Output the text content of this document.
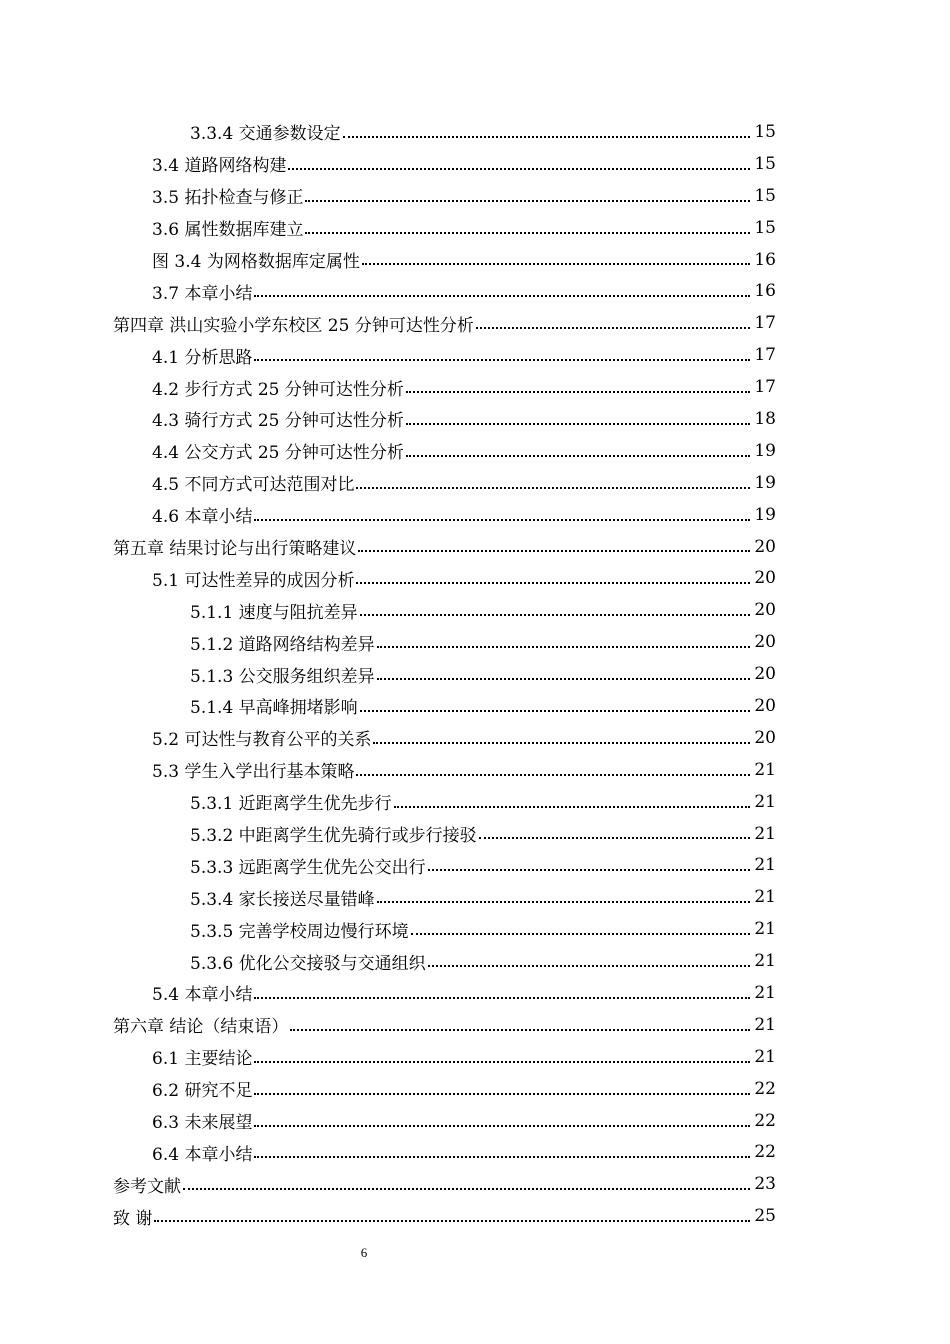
3.3.4 交通参数设定	15
3.4 道路网络构建	15
3.5 拓扑检查与修正	15
3.6 属性数据库建立	15
图 3.4 为网格数据库定属性	16
3.7 本章小结	16
第四章 洪山实验小学东校区 25 分钟可达性分析	17
4.1 分析思路	17
4.2 步行方式 25 分钟可达性分析	17
4.3 骑行方式 25 分钟可达性分析	18
4.4 公交方式 25 分钟可达性分析	19
4.5 不同方式可达范围对比	19
4.6 本章小结	19
第五章 结果讨论与出行策略建议	20
5.1 可达性差异的成因分析	20
5.1.1 速度与阻抗差异	20
5.1.2 道路网络结构差异	20
5.1.3 公交服务组织差异	20
5.1.4 早高峰拥堵影响	20
5.2 可达性与教育公平的关系	20
5.3 学生入学出行基本策略	21
5.3.1 近距离学生优先步行	21
5.3.2 中距离学生优先骑行或步行接驳	21
5.3.3 远距离学生优先公交出行	21
5.3.4 家长接送尽量错峰	21
5.3.5 完善学校周边慢行环境	21
5.3.6 优化公交接驳与交通组织	21
5.4 本章小结	21
第六章 结论（结束语）	21
6.1 主要结论	21
6.2 研究不足	22
6.3 未来展望	22
6.4 本章小结	22
参考文献	23
致 谢	25
6
